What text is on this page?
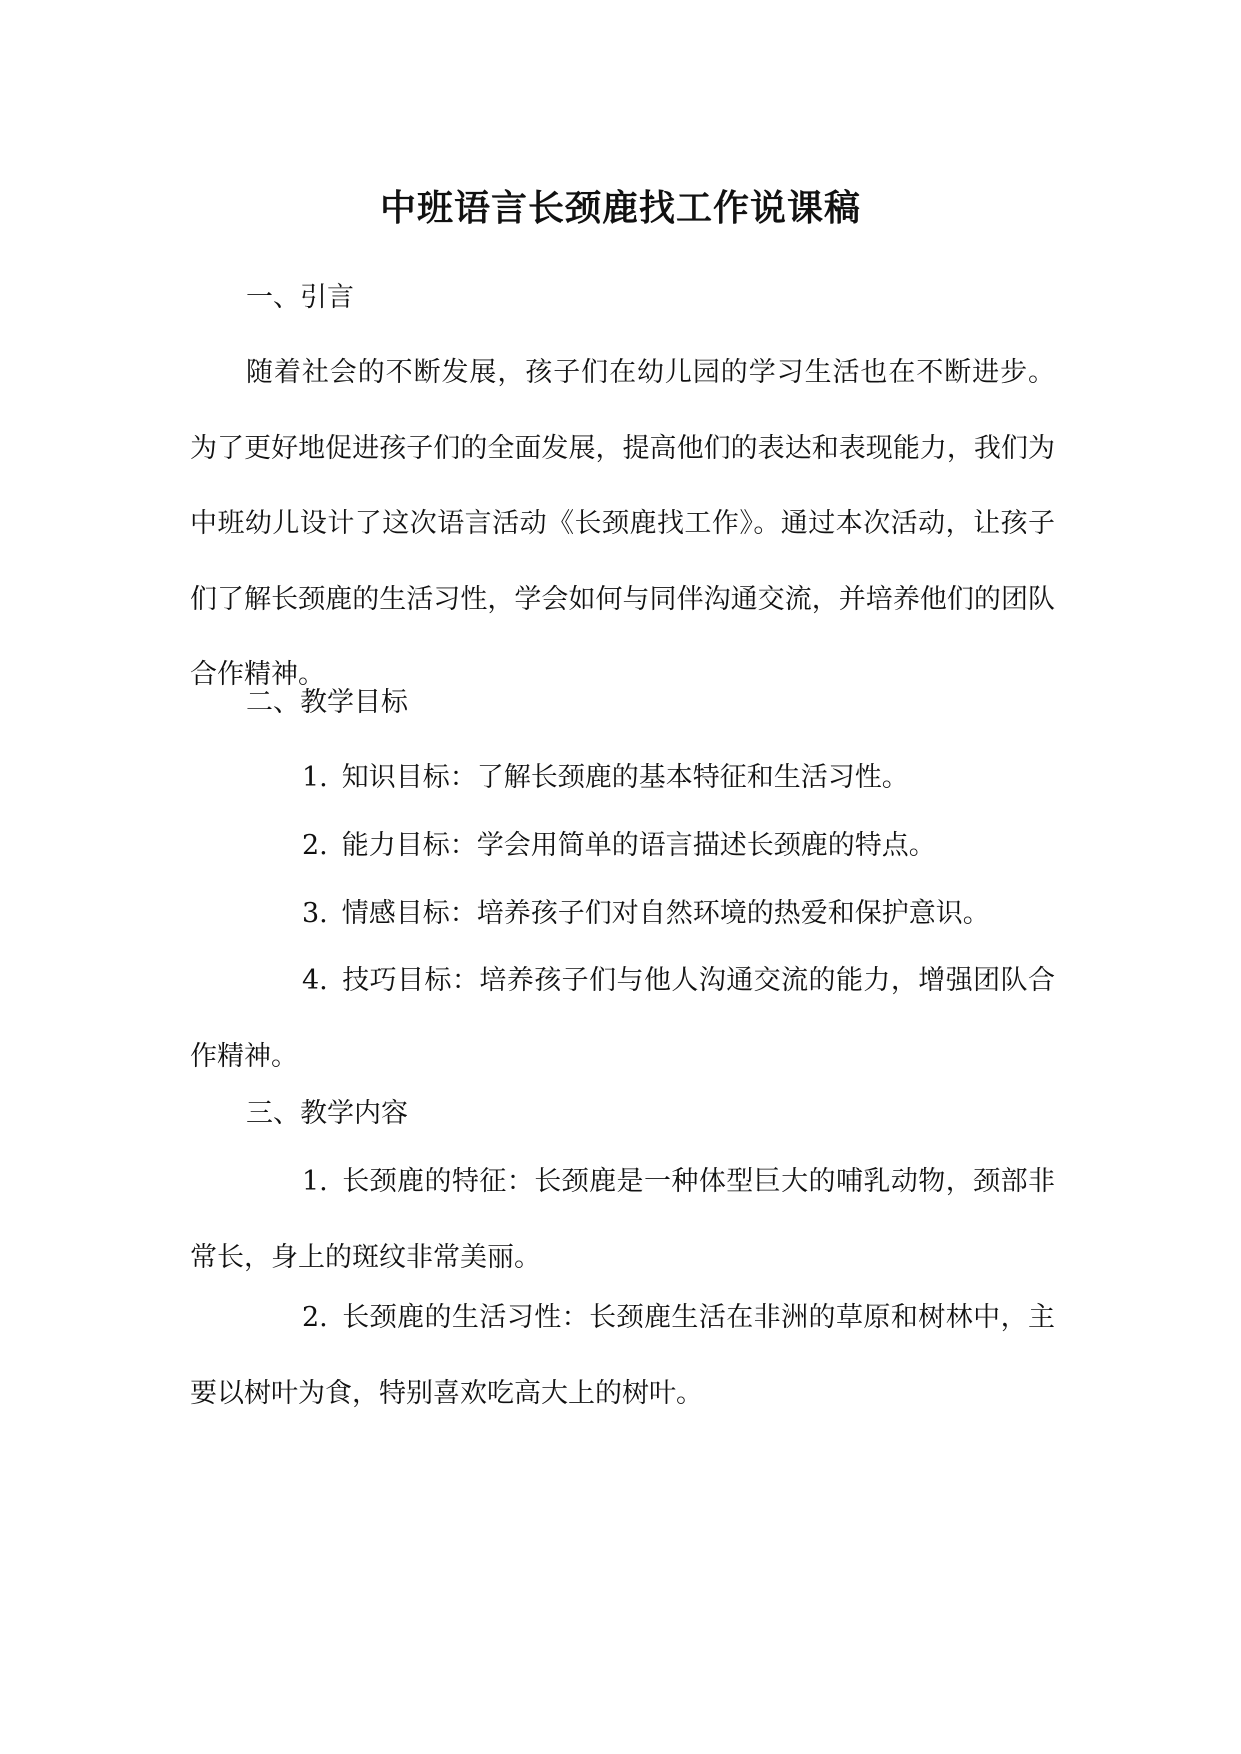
中班语言长颈鹿找工作说课稿

一、引言

随着社会的不断发展，孩子们在幼儿园的学习生活也在不断进步。为了更好地促进孩子们的全面发展，提高他们的表达和表现能力，我们为中班幼儿设计了这次语言活动《长颈鹿找工作》。通过本次活动，让孩子们了解长颈鹿的生活习性，学会如何与同伴沟通交流，并培养他们的团队合作精神。

二、教学目标

1. 知识目标：了解长颈鹿的基本特征和生活习性。

2. 能力目标：学会用简单的语言描述长颈鹿的特点。

3. 情感目标：培养孩子们对自然环境的热爱和保护意识。

4. 技巧目标：培养孩子们与他人沟通交流的能力，增强团队合作精神。

三、教学内容

1. 长颈鹿的特征：长颈鹿是一种体型巨大的哺乳动物，颈部非常长，身上的斑纹非常美丽。

2. 长颈鹿的生活习性：长颈鹿生活在非洲的草原和树林中，主要以树叶为食，特别喜欢吃高大上的树叶。
